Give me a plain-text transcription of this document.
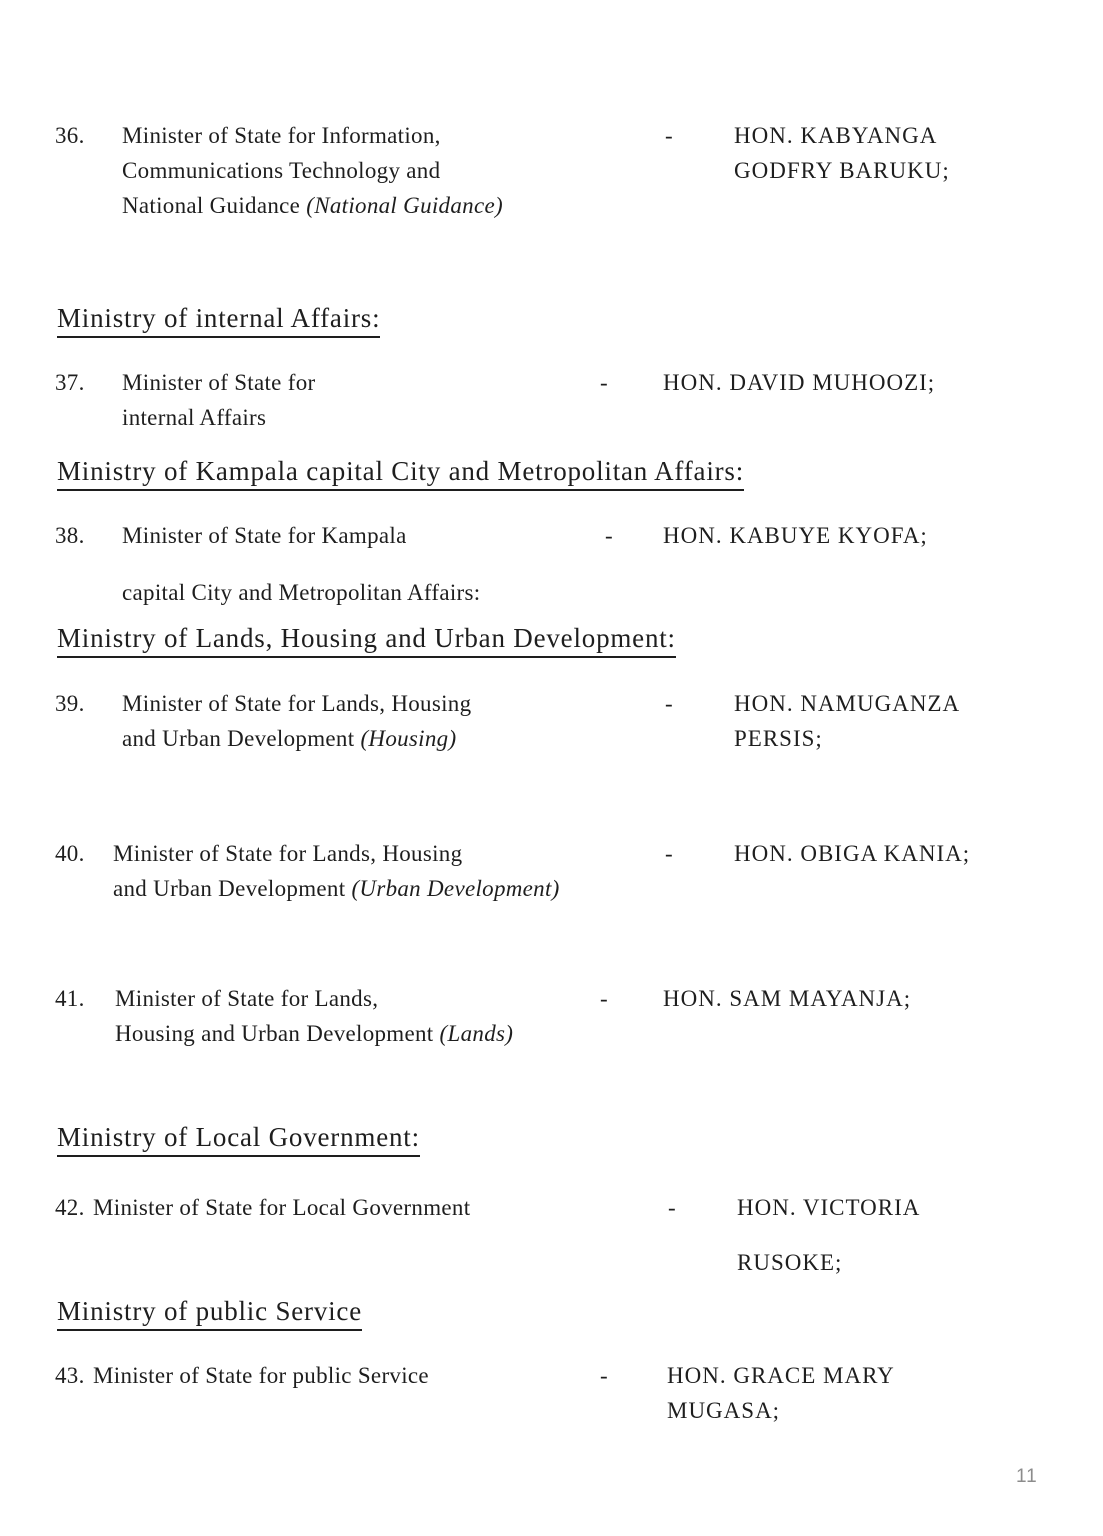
36. Minister of State for Information,
Communications Technology and
National Guidance (National Guidance)
-	HON. KABYANGA
GODFRY BARUKU;
Ministry of internal Affairs:
37. Minister of State for
internal Affairs
- HON. DAVID MUHOOZI;
Ministry of Kampala capital City and Metropolitan Affairs:
38. Minister of State for Kampala	- HON. KABUYE KYOFA;
capital City and Metropolitan Affairs:
Ministry of Lands, Housing and Urban Development:
39. Minister of State for Lands, Housing
and Urban Development (Housing)
-	HON. NAMUGANZA
PERSIS;
40. Minister of State for Lands, Housing
and Urban Development (Urban Development)
-	HON. OBIGA KANIA;
41. Minister of State for Lands,
Housing and Urban Development (Lands)
- HON. SAM MAYANJA;
Ministry of Local Government:
42. Minister of State for Local Government	-	HON. VICTORIA
RUSOKE;
Ministry of public Service
43. Minister of State for public Service	-	HON. GRACE MARY
MUGASA;
11
